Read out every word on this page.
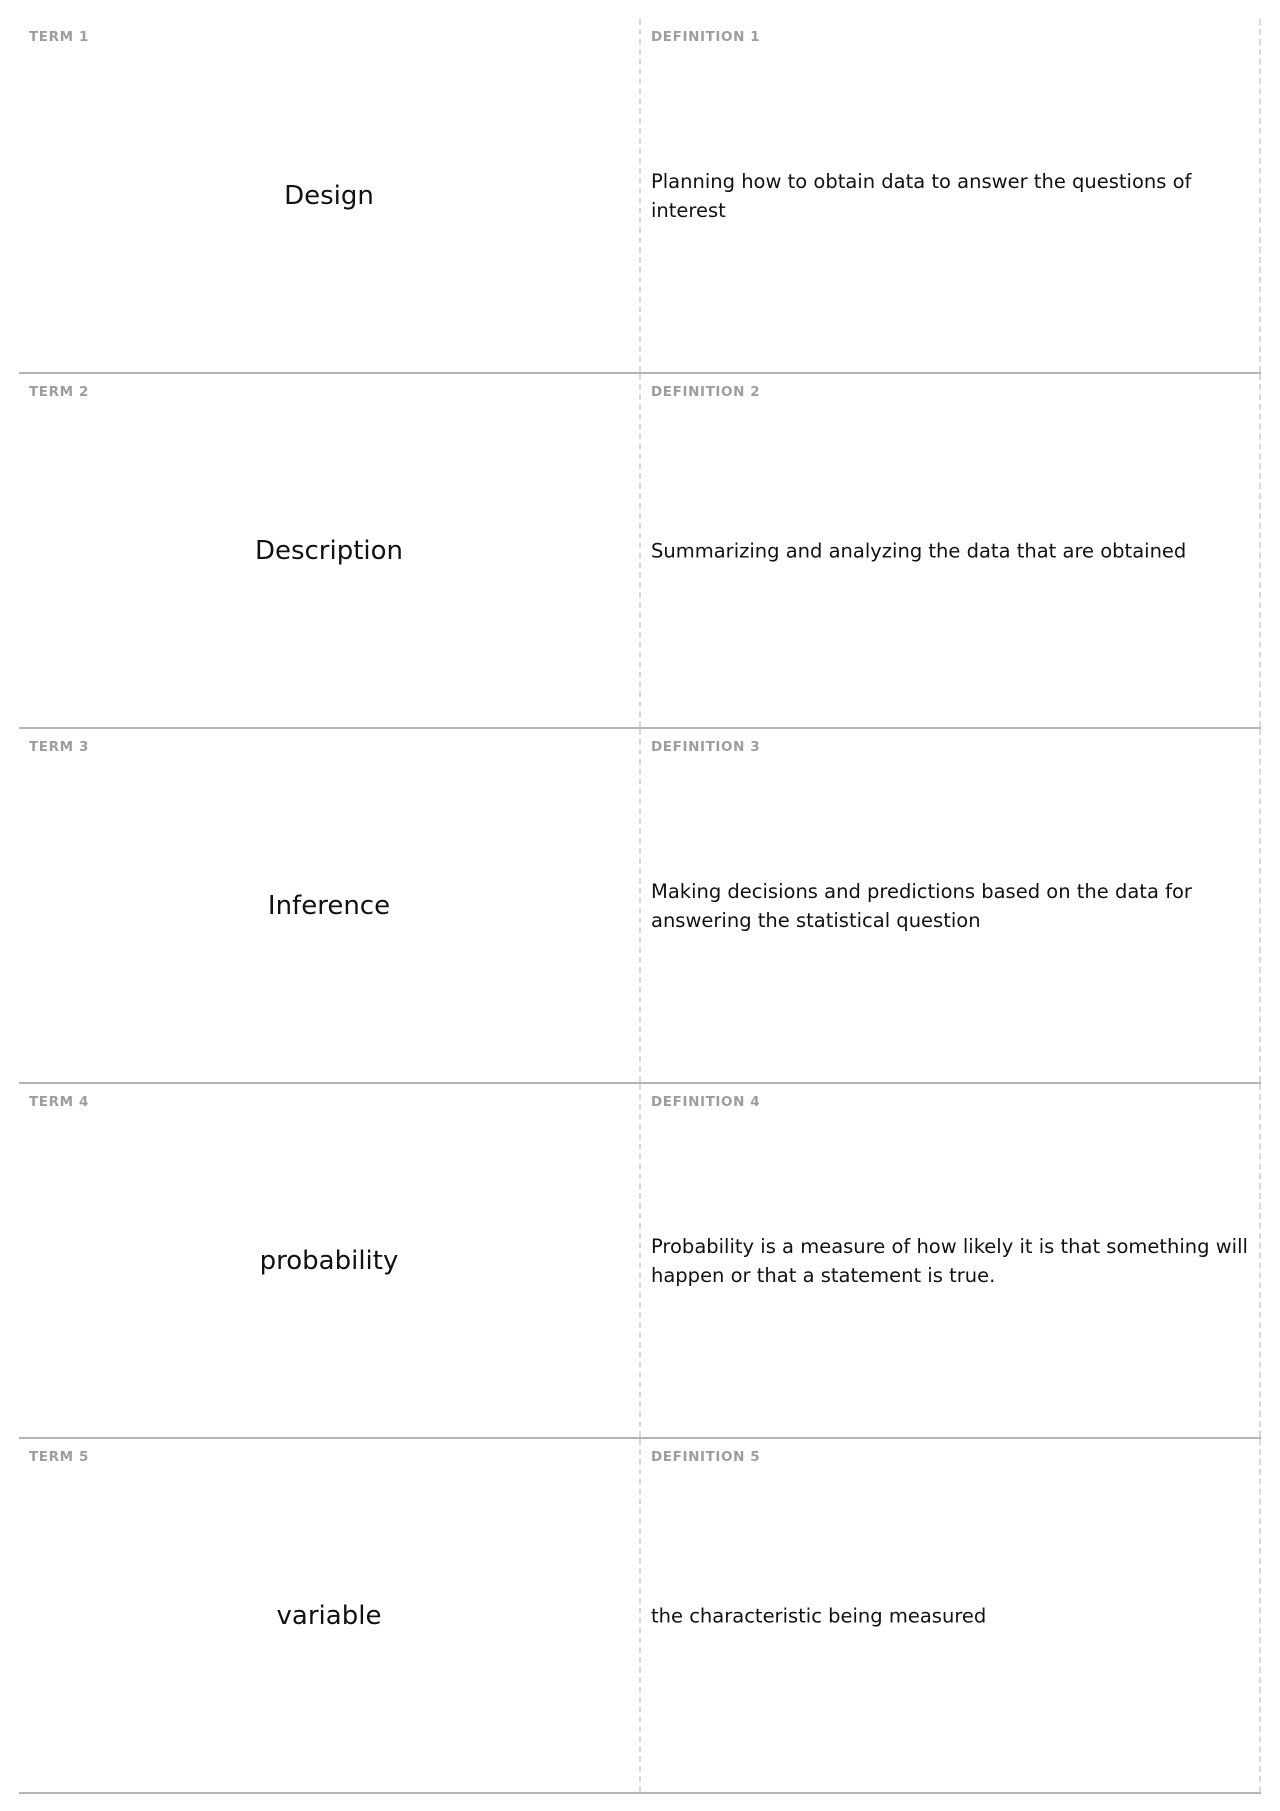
TERM 1
Design
DEFINITION 1
Planning how to obtain data to answer the questions of interest
TERM 2
Description
DEFINITION 2
Summarizing and analyzing the data that are obtained
TERM 3
Inference
DEFINITION 3
Making decisions and predictions based on the data for answering the statistical question
TERM 4
probability
DEFINITION 4
Probability is a measure of how likely it is that something will happen or that a statement is true.
TERM 5
variable
DEFINITION 5
the characteristic being measured
